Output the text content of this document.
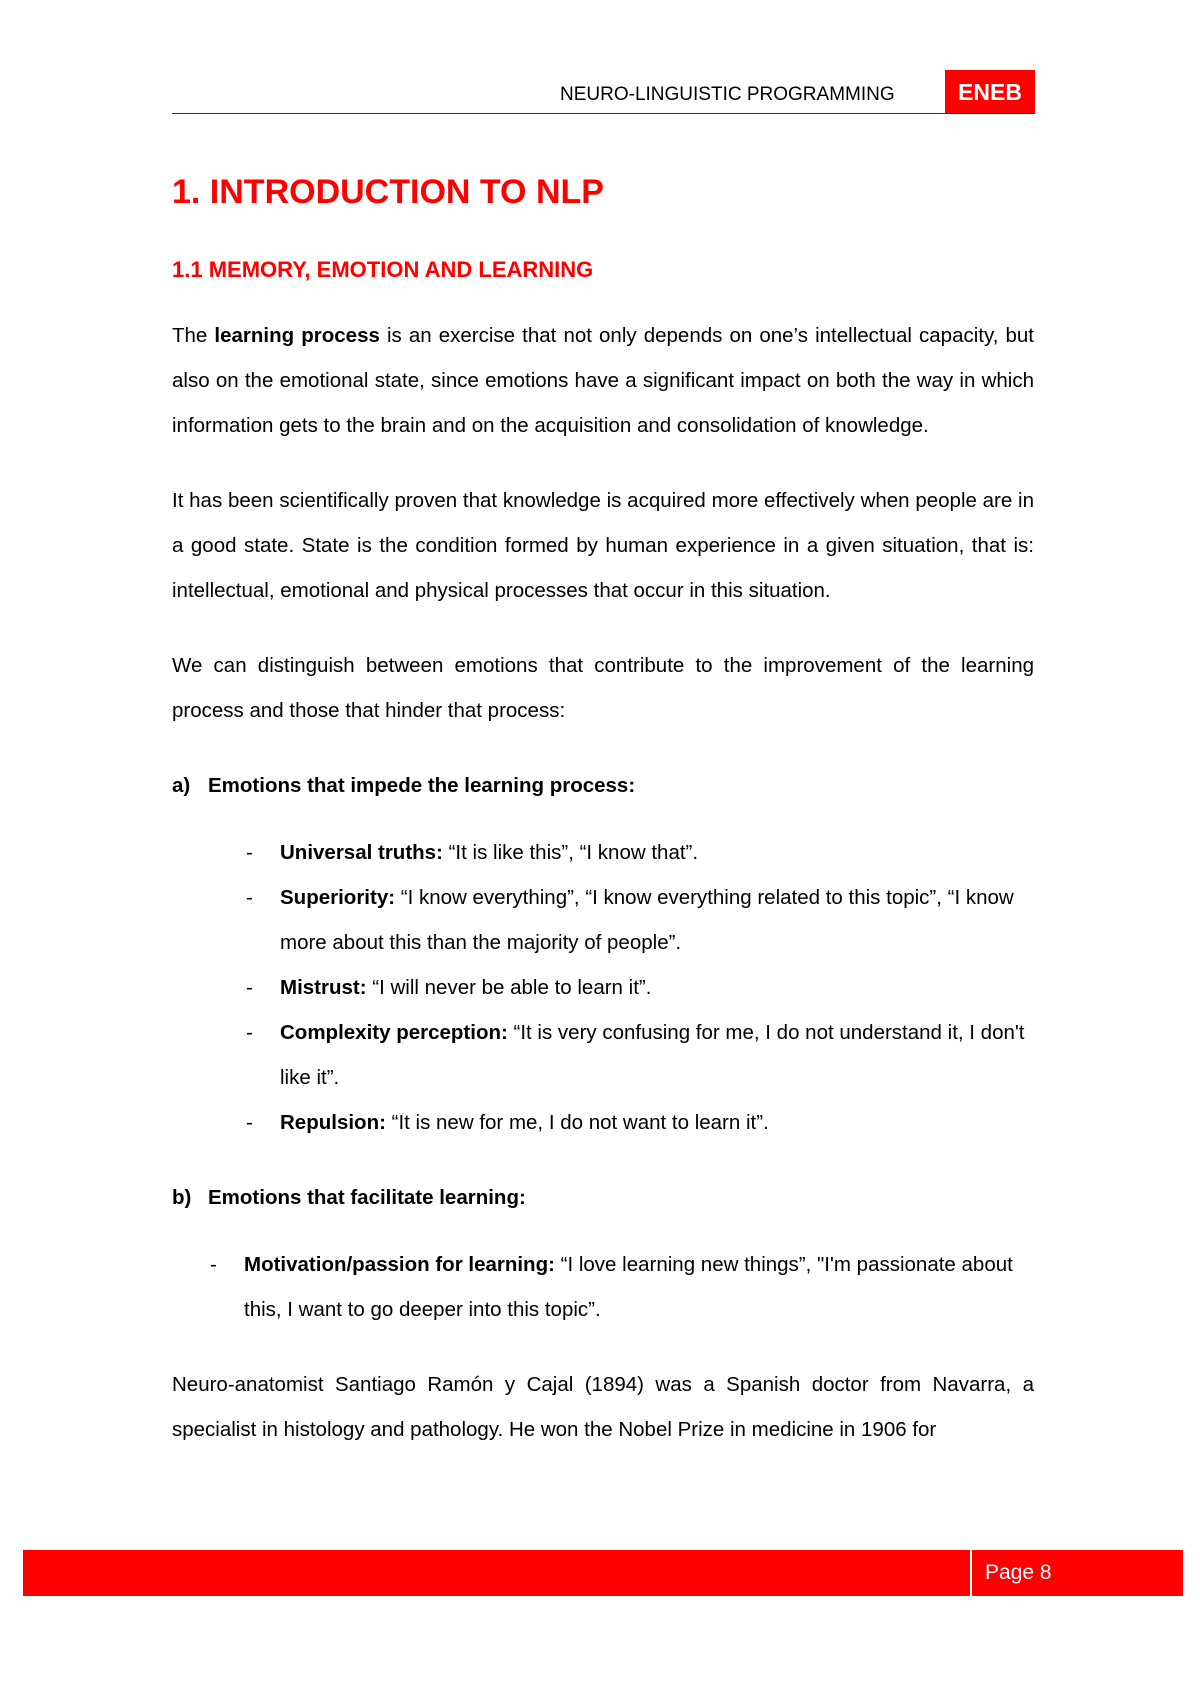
NEURO-LINGUISTIC PROGRAMMING	ENEB
1. INTRODUCTION TO NLP
1.1 MEMORY, EMOTION AND LEARNING

The learning process is an exercise that not only depends on one’s intellectual capacity, but also on the emotional state, since emotions have a significant impact on both the way in which information gets to the brain and on the acquisition and consolidation of knowledge.

It has been scientifically proven that knowledge is acquired more effectively when people are in a good state. State is the condition formed by human experience in a given situation, that is: intellectual, emotional and physical processes that occur in this situation.

We can distinguish between emotions that contribute to the improvement of the learning process and those that hinder that process:

a) Emotions that impede the learning process:
-	Universal truths: “It is like this”, “I know that”.
-	Superiority: “I know everything”, “I know everything related to this topic”, “I know more about this than the majority of people”.
-	Mistrust: “I will never be able to learn it”.
-	Complexity perception: “It is very confusing for me, I do not understand it, I don't like it”.
-	Repulsion: “It is new for me, I do not want to learn it”.
b) Emotions that facilitate learning:
-	Motivation/passion for learning: “I love learning new things”, "I'm passionate about this, I want to go deeper into this topic”.

Neuro-anatomist Santiago Ramón y Cajal (1894) was a Spanish doctor from Navarra, a specialist in histology and pathology. He won the Nobel Prize in medicine in 1906 for

Page 8
